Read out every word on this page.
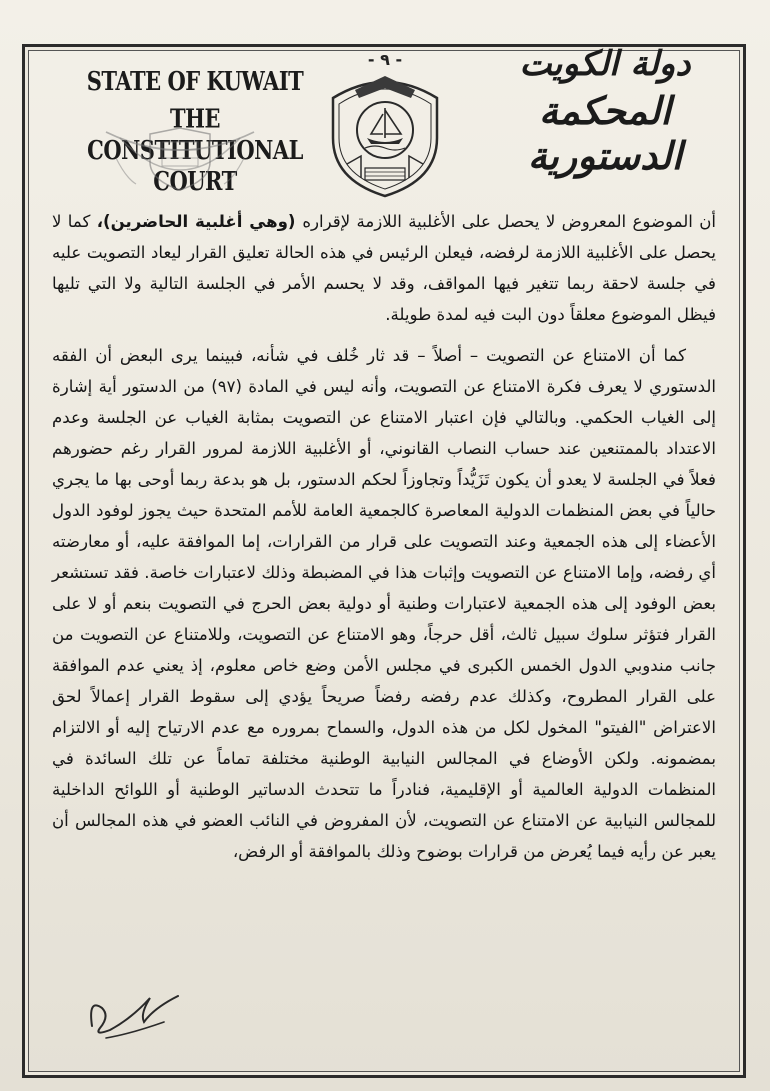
STATE OF KUWAIT
THE CONSTITUTIONAL COURT
دولة الكويت
المحكمة الدستورية
- ٩ -

أن الموضوع المعروض لا يحصل على الأغلبية اللازمة لإقراره (وهي أغلبية الحاضرين)، كما لا يحصل على الأغلبية اللازمة لرفضه، فيعلن الرئيس في هذه الحالة تعليق القرار ليعاد التصويت عليه في جلسة لاحقة ربما تتغير فيها المواقف، وقد لا يحسم الأمر في الجلسة التالية ولا التي تليها فيظل الموضوع معلقاً دون البت فيه لمدة طويلة.

كما أن الامتناع عن التصويت – أصلاً – قد ثار خُلف في شأنه، فبينما يرى البعض أن الفقه الدستوري لا يعرف فكرة الامتناع عن التصويت، وأنه ليس في المادة (٩٧) من الدستور أية إشارة إلى الغياب الحكمي. وبالتالي فإن اعتبار الامتناع عن التصويت بمثابة الغياب عن الجلسة وعدم الاعتداد بالممتنعين عند حساب النصاب القانوني، أو الأغلبية اللازمة لمرور القرار رغم حضورهم فعلاً في الجلسة لا يعدو أن يكون تَزَيُّداً وتجاوزاً لحكم الدستور، بل هو بدعة ربما أوحى بها ما يجري حالياً في بعض المنظمات الدولية المعاصرة كالجمعية العامة للأمم المتحدة حيث يجوز لوفود الدول الأعضاء إلى هذه الجمعية وعند التصويت على قرار من القرارات، إما الموافقة عليه، أو معارضته أي رفضه، وإما الامتناع عن التصويت وإثبات هذا في المضبطة وذلك لاعتبارات خاصة. فقد تستشعر بعض الوفود إلى هذه الجمعية لاعتبارات وطنية أو دولية بعض الحرج في التصويت بنعم أو لا على القرار فتؤثر سلوك سبيل ثالث، أقل حرجاً، وهو الامتناع عن التصويت، وللامتناع عن التصويت من جانب مندوبي الدول الخمس الكبرى في مجلس الأمن وضع خاص معلوم، إذ يعني عدم الموافقة على القرار المطروح، وكذلك عدم رفضه رفضاً صريحاً يؤدي إلى سقوط القرار إعمالاً لحق الاعتراض "الفيتو" المخول لكل من هذه الدول، والسماح بمروره مع عدم الارتياح إليه أو الالتزام بمضمونه. ولكن الأوضاع في المجالس النيابية الوطنية مختلفة تماماً عن تلك السائدة في المنظمات الدولية العالمية أو الإقليمية، فنادراً ما تتحدث الدساتير الوطنية أو اللوائح الداخلية للمجالس النيابية عن الامتناع عن التصويت، لأن المفروض في النائب العضو في هذه المجالس أن يعبر عن رأيه فيما يُعرض من قرارات بوضوح وذلك بالموافقة أو الرفض،
